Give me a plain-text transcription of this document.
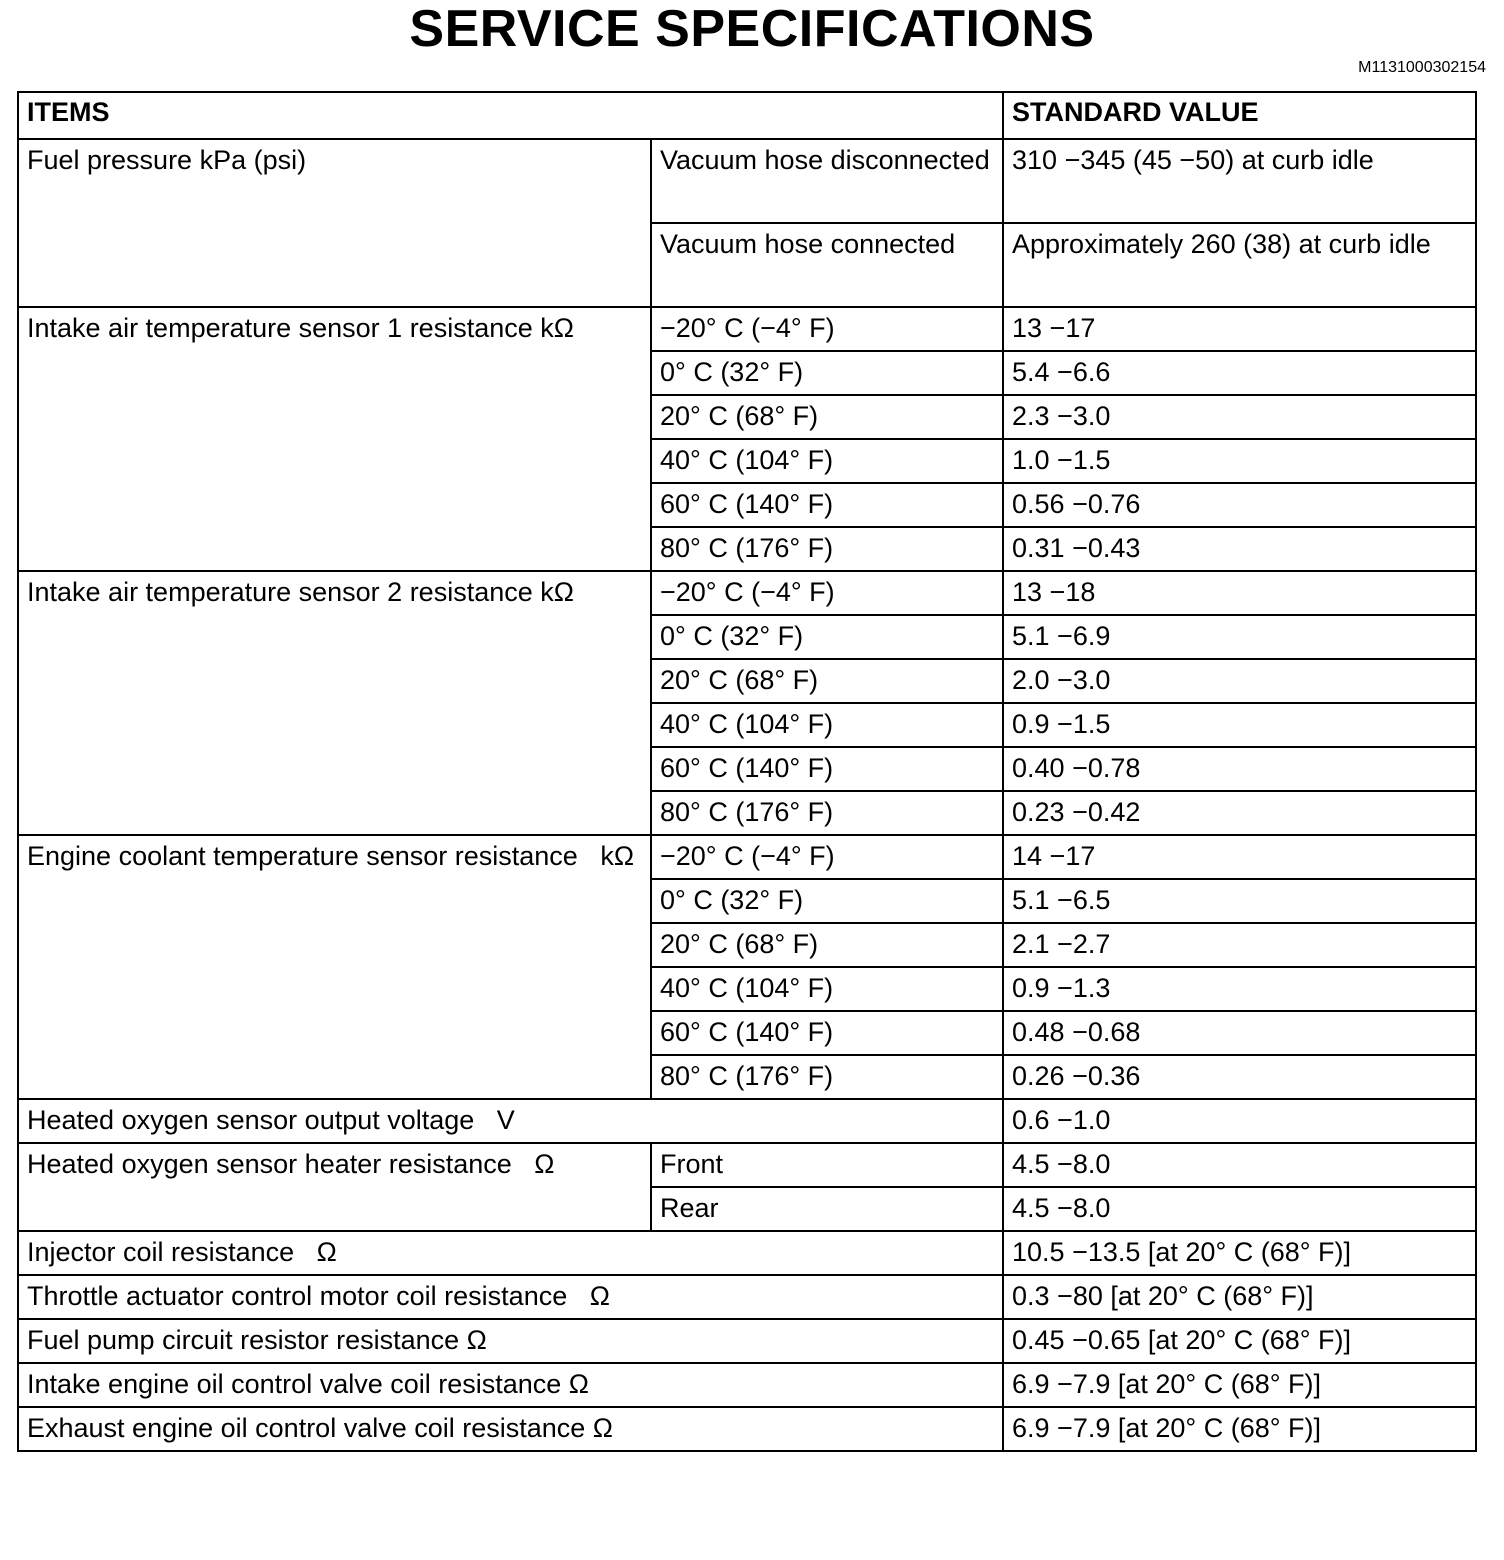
SERVICE SPECIFICATIONS
M1131000302154
ITEMS		STANDARD VALUE
Fuel pressure kPa (psi)	Vacuum hose disconnected	310 −345 (45 −50) at curb idle
	Vacuum hose connected	Approximately 260 (38) at curb idle
Intake air temperature sensor 1 resistance kΩ	−20° C (−4° F)	13 −17
	0° C (32° F)	5.4 −6.6
	20° C (68° F)	2.3 −3.0
	40° C (104° F)	1.0 −1.5
	60° C (140° F)	0.56 −0.76
	80° C (176° F)	0.31 −0.43
Intake air temperature sensor 2 resistance kΩ	−20° C (−4° F)	13 −18
	0° C (32° F)	5.1 −6.9
	20° C (68° F)	2.0 −3.0
	40° C (104° F)	0.9 −1.5
	60° C (140° F)	0.40 −0.78
	80° C (176° F)	0.23 −0.42
Engine coolant temperature sensor resistance   kΩ	−20° C (−4° F)	14 −17
	0° C (32° F)	5.1 −6.5
	20° C (68° F)	2.1 −2.7
	40° C (104° F)	0.9 −1.3
	60° C (140° F)	0.48 −0.68
	80° C (176° F)	0.26 −0.36
Heated oxygen sensor output voltage   V		0.6 −1.0
Heated oxygen sensor heater resistance   Ω	Front	4.5 −8.0
	Rear	4.5 −8.0
Injector coil resistance   Ω		10.5 −13.5 [at 20° C (68° F)]
Throttle actuator control motor coil resistance   Ω		0.3 −80 [at 20° C (68° F)]
Fuel pump circuit resistor resistance Ω		0.45 −0.65 [at 20° C (68° F)]
Intake engine oil control valve coil resistance Ω		6.9 −7.9 [at 20° C (68° F)]
Exhaust engine oil control valve coil resistance Ω		6.9 −7.9 [at 20° C (68° F)]
